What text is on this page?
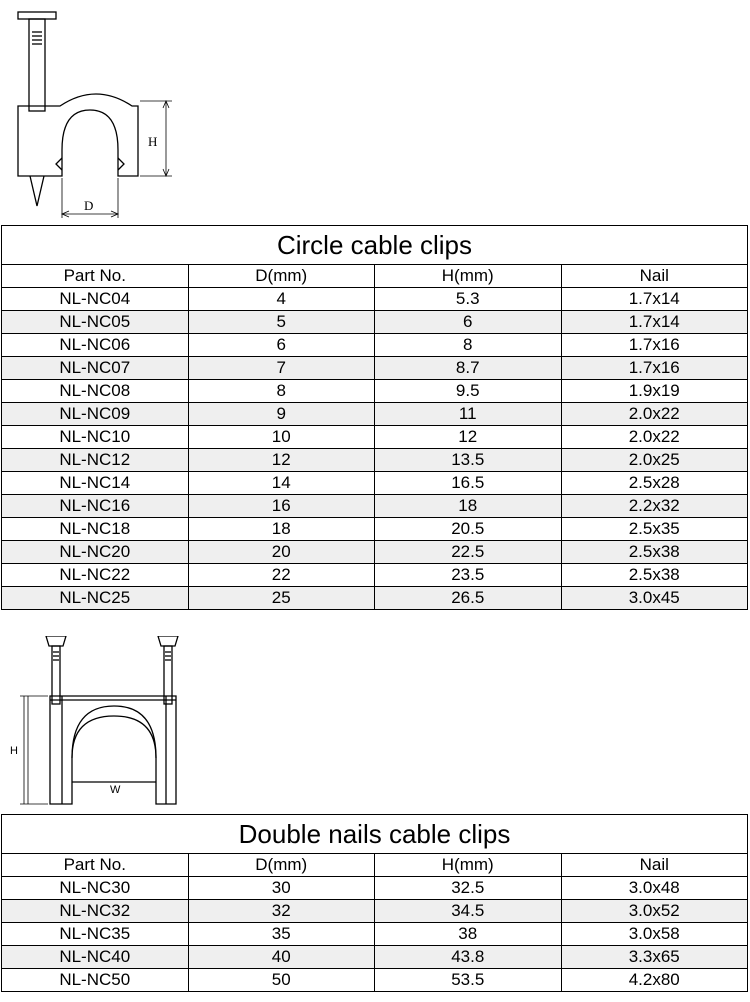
H
D
Circle cable clips			
Part No.	D(mm)	H(mm)	Nail
NL-NC04	4	5.3	1.7x14
NL-NC05	5	6	1.7x14
NL-NC06	6	8	1.7x16
NL-NC07	7	8.7	1.7x16
NL-NC08	8	9.5	1.9x19
NL-NC09	9	11	2.0x22
NL-NC10	10	12	2.0x22
NL-NC12	12	13.5	2.0x25
NL-NC14	14	16.5	2.5x28
NL-NC16	16	18	2.2x32
NL-NC18	18	20.5	2.5x35
NL-NC20	20	22.5	2.5x38
NL-NC22	22	23.5	2.5x38
NL-NC25	25	26.5	3.0x45
H
W
Double nails cable clips			
Part No.	D(mm)	H(mm)	Nail
NL-NC30	30	32.5	3.0x48
NL-NC32	32	34.5	3.0x52
NL-NC35	35	38	3.0x58
NL-NC40	40	43.8	3.3x65
NL-NC50	50	53.5	4.2x80
